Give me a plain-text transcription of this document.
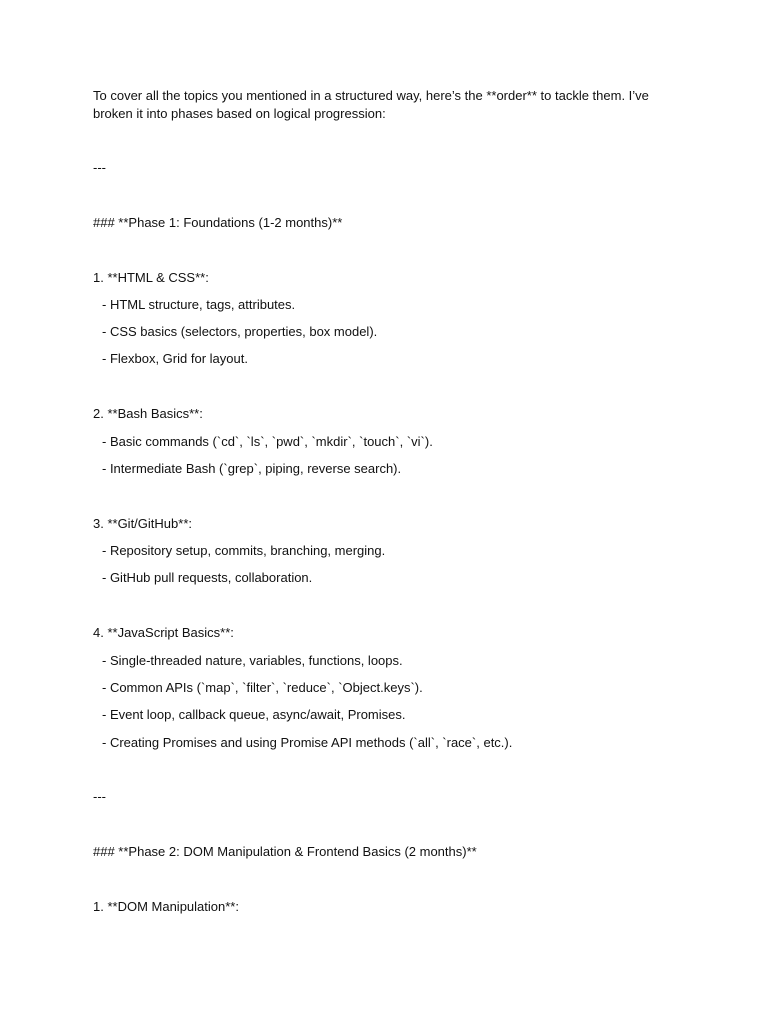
To cover all the topics you mentioned in a structured way, here’s the **order** to tackle them. I’ve
broken it into phases based on logical progression:
---
### **Phase 1: Foundations (1-2 months)**
1. **HTML & CSS**:
- HTML structure, tags, attributes.
- CSS basics (selectors, properties, box model).
- Flexbox, Grid for layout.
2. **Bash Basics**:
- Basic commands (`cd`, `ls`, `pwd`, `mkdir`, `touch`, `vi`).
- Intermediate Bash (`grep`, piping, reverse search).
3. **Git/GitHub**:
- Repository setup, commits, branching, merging.
- GitHub pull requests, collaboration.
4. **JavaScript Basics**:
- Single-threaded nature, variables, functions, loops.
- Common APIs (`map`, `filter`, `reduce`, `Object.keys`).
- Event loop, callback queue, async/await, Promises.
- Creating Promises and using Promise API methods (`all`, `race`, etc.).
---
### **Phase 2: DOM Manipulation & Frontend Basics (2 months)**
1. **DOM Manipulation**:
